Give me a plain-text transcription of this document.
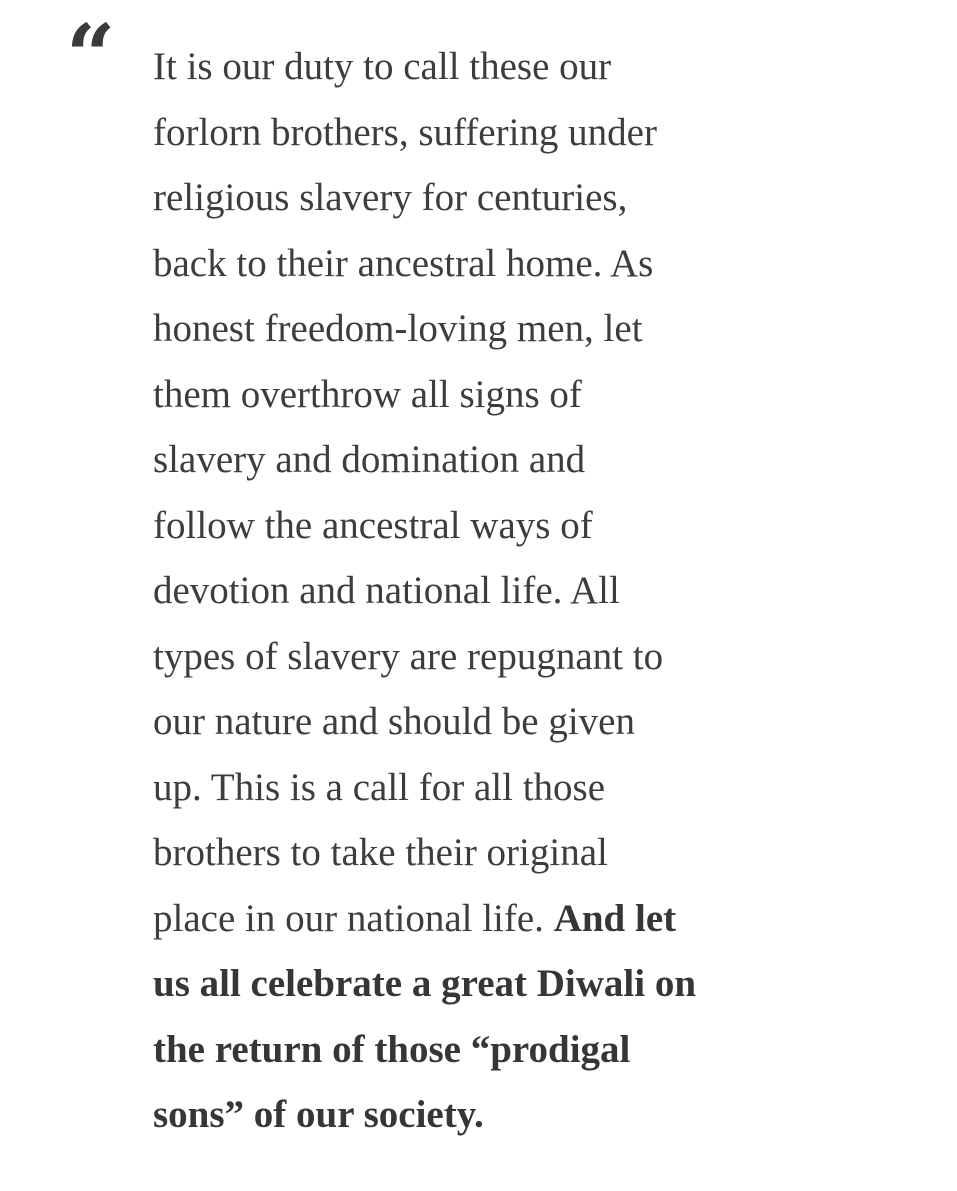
“ It is our duty to call these our
forlorn brothers, suffering under
religious slavery for centuries,
back to their ancestral home. As
honest freedom-loving men, let
them overthrow all signs of
slavery and domination and
follow the ancestral ways of
devotion and national life. All
types of slavery are repugnant to
our nature and should be given
up. This is a call for all those
brothers to take their original
place in our national life. And let
us all celebrate a great Diwali on
the return of those “prodigal
sons” of our society.
